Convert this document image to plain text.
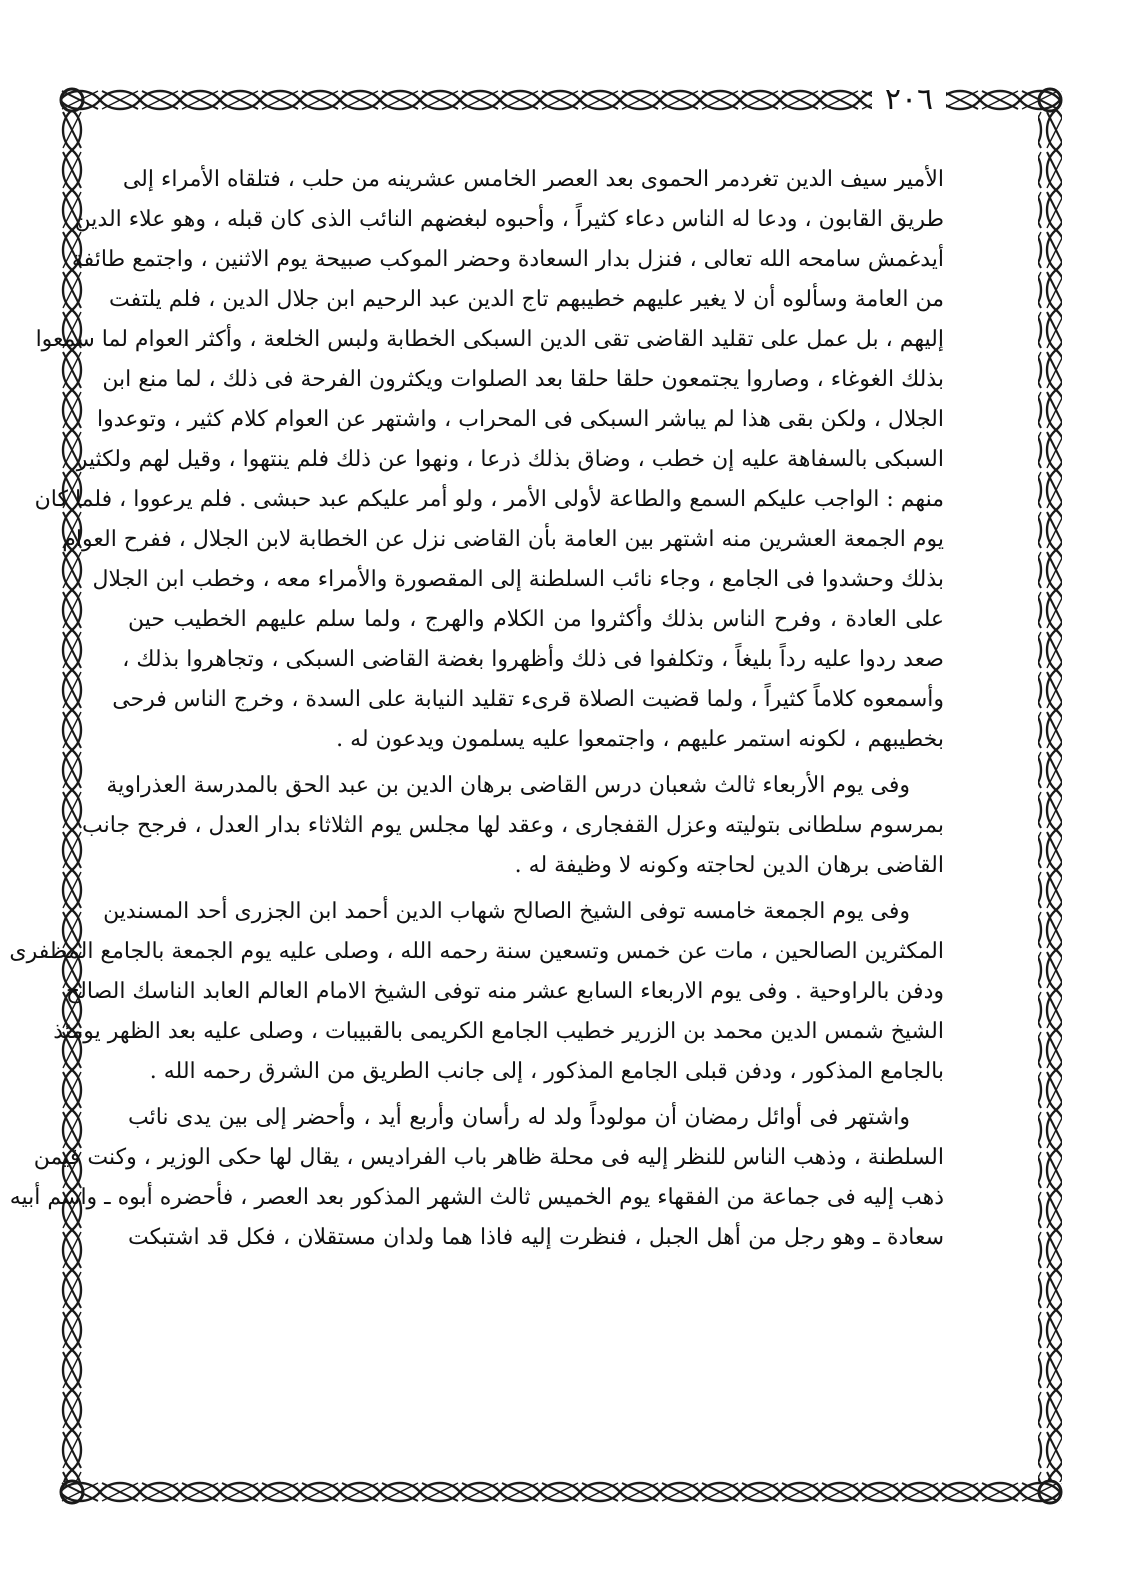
٢٠٦
الأمير سيف الدين تغردمر الحموى بعد العصر الخامس عشرينه من حلب ، فتلقاه الأمراء إلى
طريق القابون ، ودعا له الناس دعاء كثيراً ، وأحبوه لبغضهم النائب الذى كان قبله ، وهو علاء الدين
أيدغمش سامحه الله تعالى ، فنزل بدار السعادة وحضر الموكب صبيحة يوم الاثنين ، واجتمع طائفة
من العامة وسألوه أن لا يغير عليهم خطيبهم تاج الدين عبد الرحيم ابن جلال الدين ، فلم يلتفت
إليهم ، بل عمل على تقليد القاضى تقى الدين السبكى الخطابة ولبس الخلعة ، وأكثر العوام لما سمعوا
بذلك الغوغاء ، وصاروا يجتمعون حلقا حلقا بعد الصلوات ويكثرون الفرحة فى ذلك ، لما منع ابن
الجلال ، ولكن بقى هذا لم يباشر السبكى فى المحراب ، واشتهر عن العوام كلام كثير ، وتوعدوا
السبكى بالسفاهة عليه إن خطب ، وضاق بذلك ذرعا ، ونهوا عن ذلك فلم ينتهوا ، وقيل لهم ولكثير
منهم : الواجب عليكم السمع والطاعة لأولى الأمر ، ولو أمر عليكم عبد حبشى . فلم يرعووا ، فلما كان
يوم الجمعة العشرين منه اشتهر بين العامة بأن القاضى نزل عن الخطابة لابن الجلال ، ففرح العوام
بذلك وحشدوا فى الجامع ، وجاء نائب السلطنة إلى المقصورة والأمراء معه ، وخطب ابن الجلال
على العادة ، وفرح الناس بذلك وأكثروا من الكلام والهرج ، ولما سلم عليهم الخطيب حين
صعد ردوا عليه رداً بليغاً ، وتكلفوا فى ذلك وأظهروا بغضة القاضى السبكى ، وتجاهروا بذلك ،
وأسمعوه كلاماً كثيراً ، ولما قضيت الصلاة قرىء تقليد النيابة على السدة ، وخرج الناس فرحى
بخطيبهم ، لكونه استمر عليهم ، واجتمعوا عليه يسلمون ويدعون له .
وفى يوم الأربعاء ثالث شعبان درس القاضى برهان الدين بن عبد الحق بالمدرسة العذراوية
بمرسوم سلطانى بتوليته وعزل القفجارى ، وعقد لها مجلس يوم الثلاثاء بدار العدل ، فرجح جانب
القاضى برهان الدين لحاجته وكونه لا وظيفة له .
وفى يوم الجمعة خامسه توفى الشيخ الصالح شهاب الدين أحمد ابن الجزرى أحد المسندين
المكثرين الصالحين ، مات عن خمس وتسعين سنة رحمه الله ، وصلى عليه يوم الجمعة بالجامع المظفرى
ودفن بالراوحية . وفى يوم الاربعاء السابع عشر منه توفى الشيخ الامام العالم العابد الناسك الصالح
الشيخ شمس الدين محمد بن الزرير خطيب الجامع الكريمى بالقبيبات ، وصلى عليه بعد الظهر يومئذ
بالجامع المذكور ، ودفن قبلى الجامع المذكور ، إلى جانب الطريق من الشرق رحمه الله .
واشتهر فى أوائل رمضان أن مولوداً ولد له رأسان وأربع أيد ، وأحضر إلى بين يدى نائب
السلطنة ، وذهب الناس للنظر إليه فى محلة ظاهر باب الفراديس ، يقال لها حكى الوزير ، وكنت فيمن
ذهب إليه فى جماعة من الفقهاء يوم الخميس ثالث الشهر المذكور بعد العصر ، فأحضره أبوه ـ واسم أبيه
سعادة ـ وهو رجل من أهل الجبل ، فنظرت إليه فاذا هما ولدان مستقلان ، فكل قد اشتبكت
